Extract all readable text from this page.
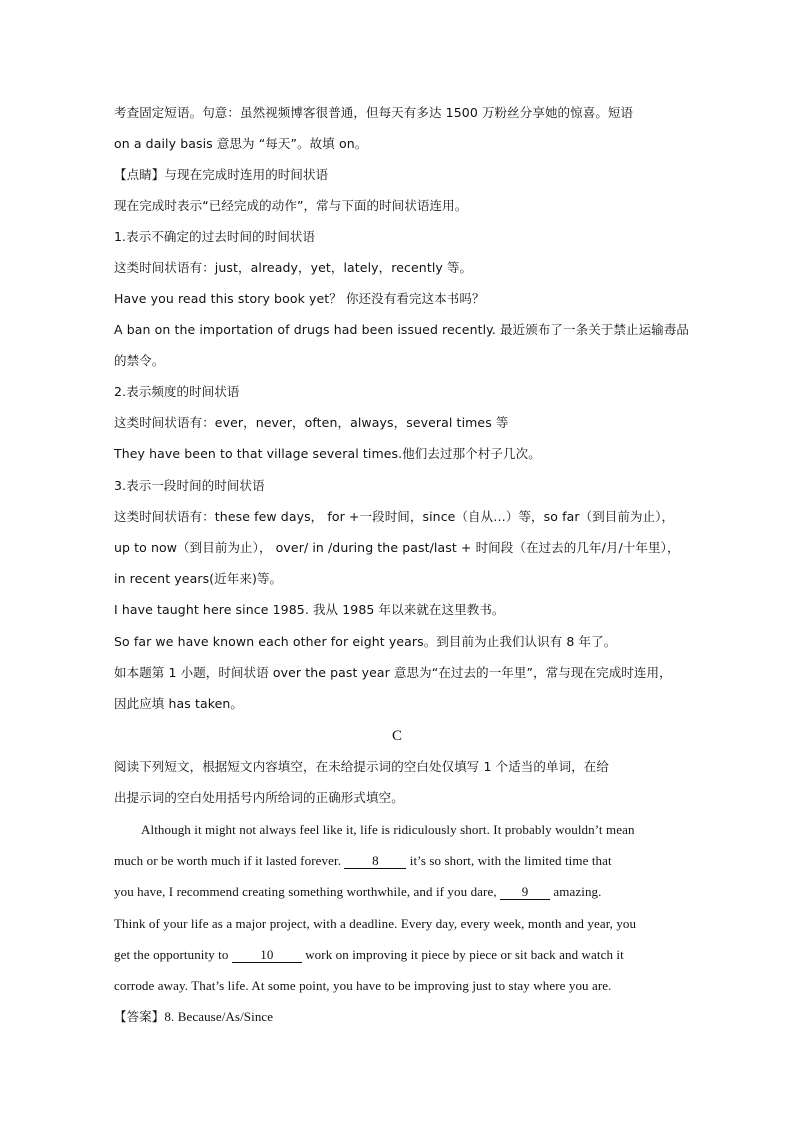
考查固定短语。句意：虽然视频博客很普通，但每天有多达 1500 万粉丝分享她的惊喜。短语
on a daily basis 意思为 “每天”。故填 on。
【点睛】与现在完成时连用的时间状语
现在完成时表示“已经完成的动作”，常与下面的时间状语连用。
1.表示不确定的过去时间的时间状语
这类时间状语有：just，already，yet，lately，recently 等。
Have you read this story book yet？ 你还没有看完这本书吗？
A ban on the importation of drugs had been issued recently. 最近颁布了一条关于禁止运输毒品
的禁令。
2.表示频度的时间状语
这类时间状语有：ever，never，often，always，several times 等
They have been to that village several times.他们去过那个村子几次。
3.表示一段时间的时间状语
这类时间状语有：these few days， for +一段时间，since（自从…）等，so far（到目前为止），
up to now（到目前为止）， over/ in /during the past/last + 时间段（在过去的几年/月/十年里），
in recent years(近年来)等。
I have taught here since 1985. 我从 1985 年以来就在这里教书。
So far we have known each other for eight years。到目前为止我们认识有 8 年了。
如本题第 1 小题，时间状语 over the past year 意思为“在过去的一年里”，常与现在完成时连用，
因此应填 has taken。
C
阅读下列短文，根据短文内容填空，在未给提示词的空白处仅填写 1 个适当的单词，在给
出提示词的空白处用括号内所给词的正确形式填空。
Although it might not always feel like it, life is ridiculously short. It probably wouldn’t mean
much or be worth much if it lasted forever. 8 it’s so short, with the limited time that
you have, I recommend creating something worthwhile, and if you dare, 9 amazing.
Think of your life as a major project, with a deadline. Every day, every week, month and year, you
get the opportunity to 10 work on improving it piece by piece or sit back and watch it
corrode away. That’s life. At some point, you have to be improving just to stay where you are.
【答案】8. Because/As/Since
